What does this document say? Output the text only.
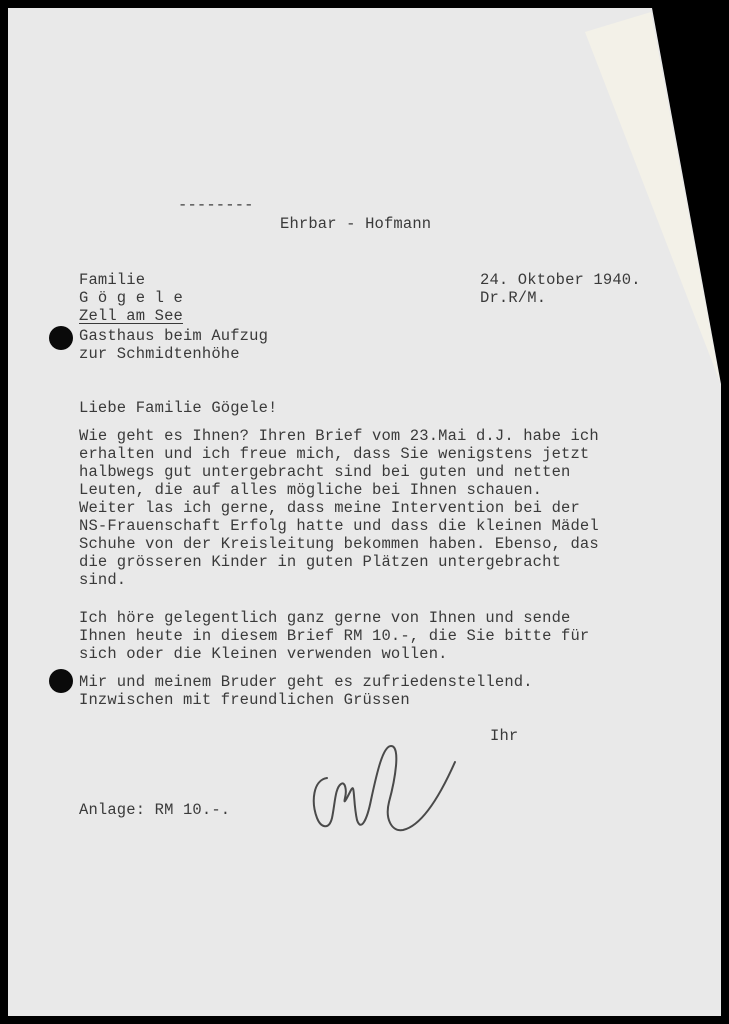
--------

Ehrbar - Hofmann

Familie

G ö g e l e

Zell am See

Gasthaus beim Aufzug

zur Schmidtenhöhe

24. Oktober 1940.

Dr.R/M.

Liebe Familie Gögele!

Wie geht es Ihnen? Ihren Brief vom 23.Mai d.J. habe ich

erhalten und ich freue mich, dass Sie wenigstens jetzt

halbwegs gut untergebracht sind bei guten und netten

Leuten, die auf alles mögliche bei Ihnen schauen.

Weiter las ich gerne, dass meine Intervention bei der

NS-Frauenschaft Erfolg hatte und dass die kleinen Mädel

Schuhe von der Kreisleitung bekommen haben. Ebenso, das

die grösseren Kinder in guten Plätzen untergebracht

sind.

Ich höre gelegentlich ganz gerne von Ihnen und sende

Ihnen heute in diesem Brief RM 10.-, die Sie bitte für

sich oder die Kleinen verwenden wollen.

Mir und meinem Bruder geht es zufriedenstellend.

Inzwischen mit freundlichen Grüssen

Ihr

Anlage: RM 10.-.
